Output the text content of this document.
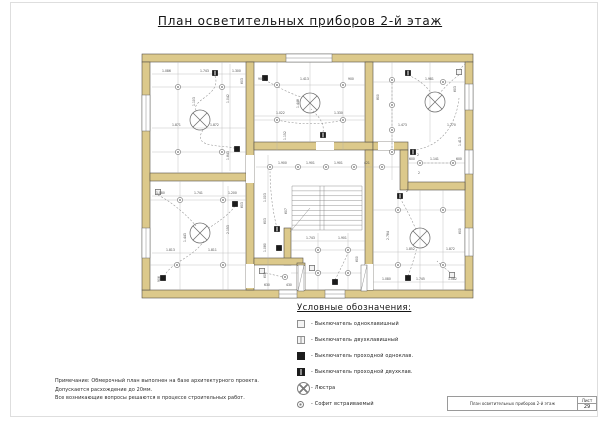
План осветительных приборов 2-й этаж
1.086	1.743	1.300
1.871	1.872
1.042
1.843
1.103
603	900	1.413	900
1.022	1.330
1.448
1.152
800
1.981
603
1.473	1.270
1.413
600	1.141	600
2
2
1.900	1.901	1.901	421
1.003
603
1.080
602
607
1.080	1.741	1.200
1.813	1.811
1.443
2.153
906
603
2.784
1.852	1.872
1.080	1.745	1.082
600
2
1.743	1.901
600
630	430
Условные обозначения:
- Выключатель одноклавишный
- Выключатель двухклавишный
- Выключатель проходной одноклав.
- Выключатель проходной двухклав.
- Люстра
- Софит встраиваемый
Примечание: Обмерочный план выполнен на базе архитектурного проекта.
Допускается расхождение до 20мм.
Все возникающие вопросы решаются в процессе строительных работ.
План осветительных приборов 2-й этаж
Лист
29
